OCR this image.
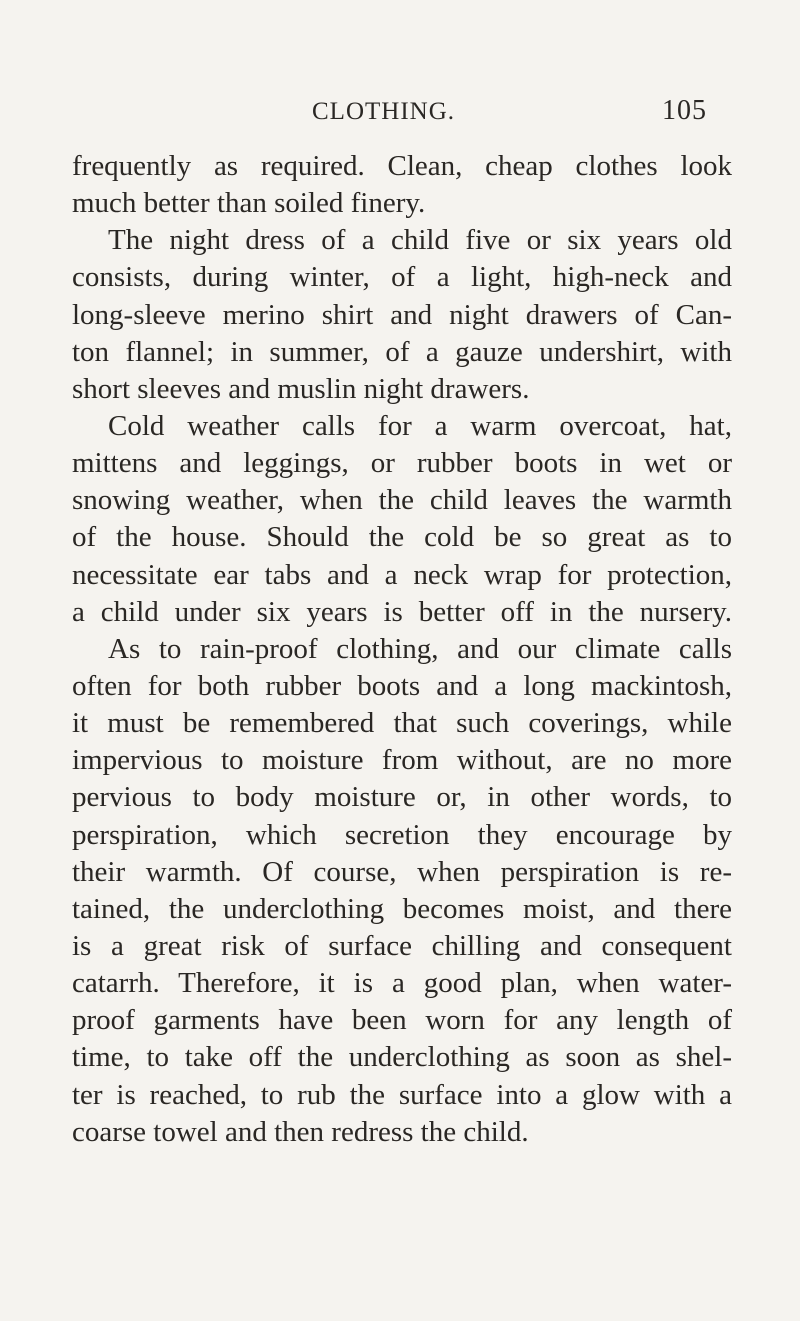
CLOTHING.	105
frequently as required. Clean, cheap clothes look
much better than soiled finery.
The night dress of a child five or six years old
consists, during winter, of a light, high-neck and
long-sleeve merino shirt and night drawers of Can-
ton flannel; in summer, of a gauze undershirt, with
short sleeves and muslin night drawers.
Cold weather calls for a warm overcoat, hat,
mittens and leggings, or rubber boots in wet or
snowing weather, when the child leaves the warmth
of the house. Should the cold be so great as to
necessitate ear tabs and a neck wrap for protection,
a child under six years is better off in the nursery.
As to rain-proof clothing, and our climate calls
often for both rubber boots and a long mackintosh,
it must be remembered that such coverings, while
impervious to moisture from without, are no more
pervious to body moisture or, in other words, to
perspiration, which secretion they encourage by
their warmth. Of course, when perspiration is re-
tained, the underclothing becomes moist, and there
is a great risk of surface chilling and consequent
catarrh. Therefore, it is a good plan, when water-
proof garments have been worn for any length of
time, to take off the underclothing as soon as shel-
ter is reached, to rub the surface into a glow with a
coarse towel and then redress the child.
